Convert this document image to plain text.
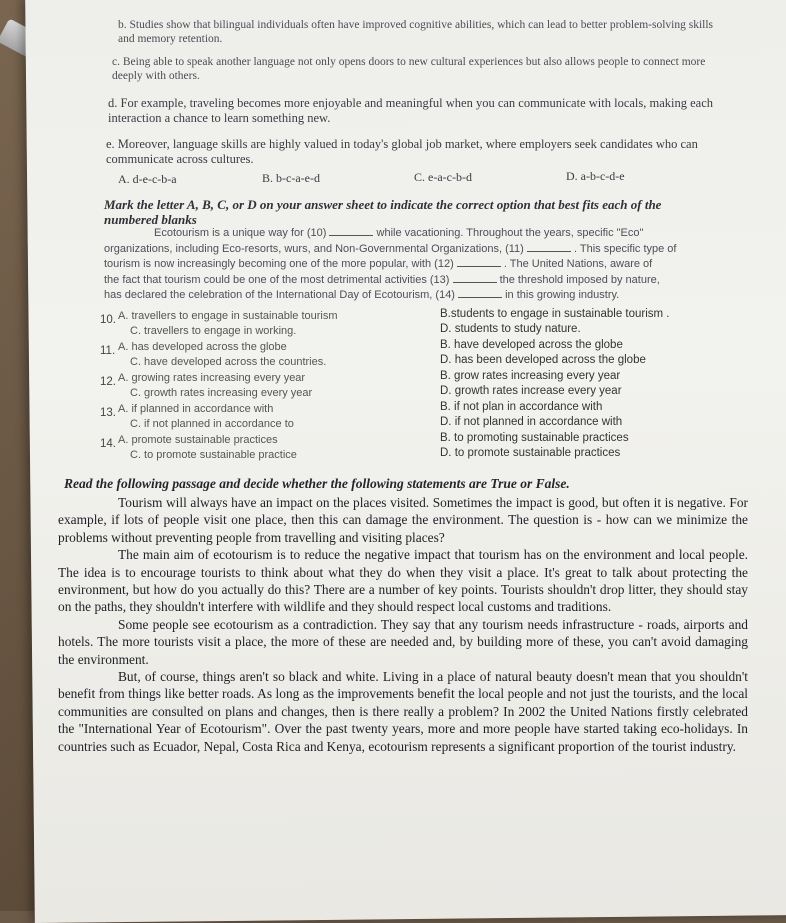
b. Studies show that bilingual individuals often have improved cognitive abilities, which can lead to better problem-solving skills and memory retention.
c. Being able to speak another language not only opens doors to new cultural experiences but also allows people to connect more deeply with others.
d. For example, traveling becomes more enjoyable and meaningful when you can communicate with locals, making each interaction a chance to learn something new.
e. Moreover, language skills are highly valued in today's global job market, where employers seek candidates who can communicate across cultures.
A. d-e-c-b-a	B. b-c-a-e-d	C. e-a-c-b-d	D. a-b-c-d-e
Mark the letter A, B, C, or D on your answer sheet to indicate the correct option that best fits each of the numbered blanks
Ecotourism is a unique way for (10)	while vacationing. Throughout the years, specific "Eco"
organizations, including Eco-resorts, wurs, and Non-Governmental Organizations, (11)	. This specific type of
tourism is now increasingly becoming one of the more popular, with (12)	. The United Nations, aware of
the fact that tourism could be one of the most detrimental activities (13)	the threshold imposed by nature,
has declared the celebration of the International Day of Ecotourism, (14)	in this growing industry.
10. A. travellers to engage in sustainable tourism	B.students to engage in sustainable tourism .
C. travellers to engage in working.	D. students to study nature.
11. A. has developed across the globe	B. have developed across the globe
C. have developed across the countries.	D. has been developed across the globe
12. A. growing rates increasing every year	B. grow rates increasing every year
C. growth rates increasing every year	D. growth rates increase every year
13. A. if planned in accordance with	B. if not plan in accordance with
C. if not planned in accordance to	D. if not planned in accordance with
14. A. promote sustainable practices	B. to promoting sustainable practices
C. to promote sustainable practice	D. to promote sustainable practices
Read the following passage and decide whether the following statements are True or False.
Tourism will always have an impact on the places visited. Sometimes the impact is good, but often it is negative. For example, if lots of people visit one place, then this can damage the environment. The question is - how can we minimize the problems without preventing people from travelling and visiting places?
The main aim of ecotourism is to reduce the negative impact that tourism has on the environment and local people. The idea is to encourage tourists to think about what they do when they visit a place. It's great to talk about protecting the environment, but how do you actually do this? There are a number of key points. Tourists shouldn't drop litter, they should stay on the paths, they shouldn't interfere with wildlife and they should respect local customs and traditions.
Some people see ecotourism as a contradiction. They say that any tourism needs infrastructure - roads, airports and hotels. The more tourists visit a place, the more of these are needed and, by building more of these, you can't avoid damaging the environment.
But, of course, things aren't so black and white. Living in a place of natural beauty doesn't mean that you shouldn't benefit from things like better roads. As long as the improvements benefit the local people and not just the tourists, and the local communities are consulted on plans and changes, then is there really a problem? In 2002 the United Nations firstly celebrated the "International Year of Ecotourism". Over the past twenty years, more and more people have started taking eco-holidays. In countries such as Ecuador, Nepal, Costa Rica and Kenya, ecotourism represents a significant proportion of the tourist industry.
